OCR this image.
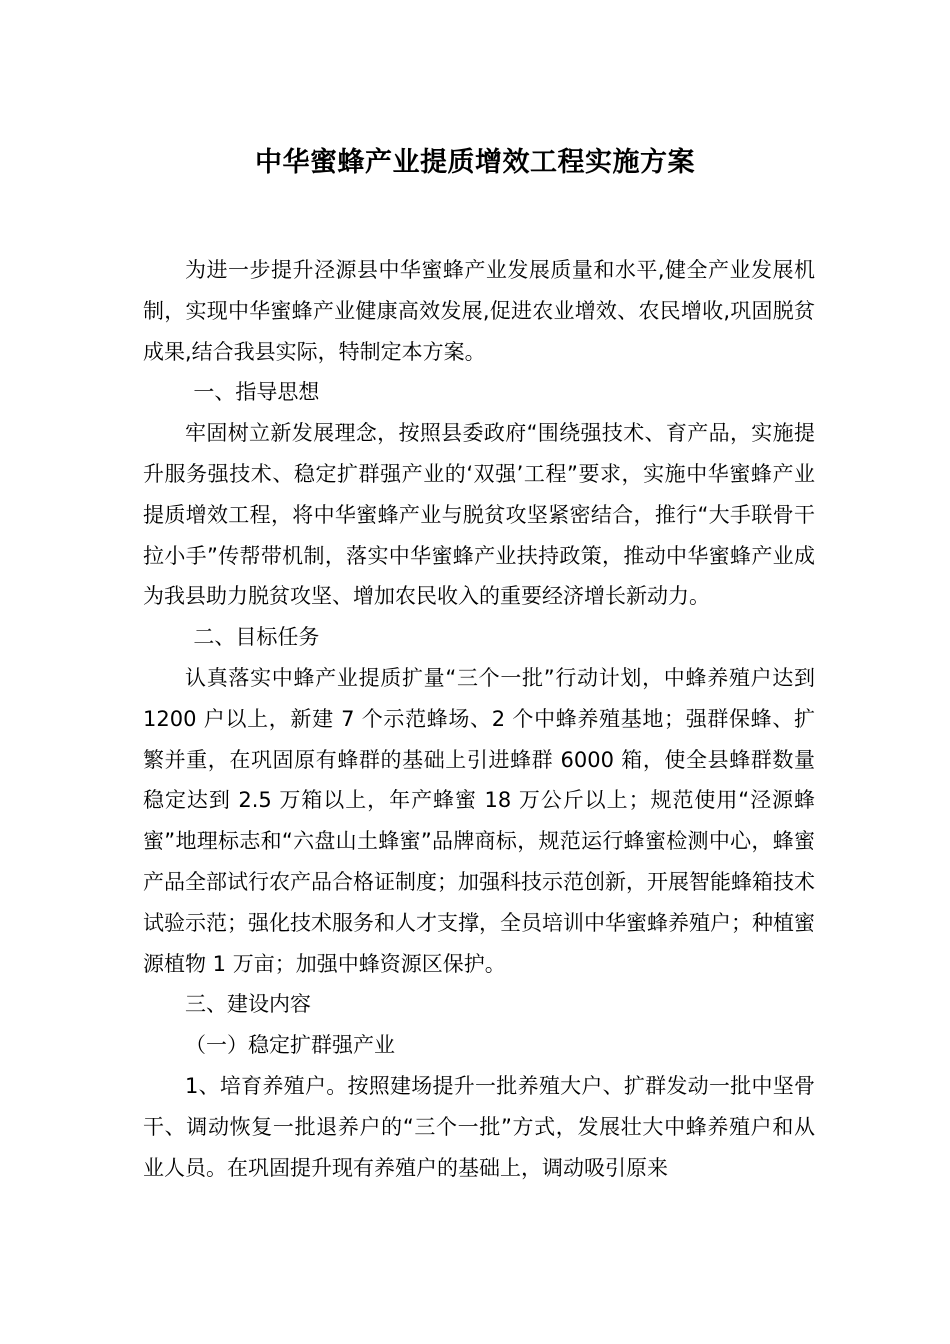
中华蜜蜂产业提质增效工程实施方案

为进一步提升泾源县中华蜜蜂产业发展质量和水平,健全产业发展机制，实现中华蜜蜂产业健康高效发展,促进农业增效、农民增收,巩固脱贫成果,结合我县实际，特制定本方案。

一、指导思想

牢固树立新发展理念，按照县委政府“围绕强技术、育产品，实施提升服务强技术、稳定扩群强产业的‘双强’工程”要求，实施中华蜜蜂产业提质增效工程，将中华蜜蜂产业与脱贫攻坚紧密结合，推行“大手联骨干拉小手”传帮带机制，落实中华蜜蜂产业扶持政策，推动中华蜜蜂产业成为我县助力脱贫攻坚、增加农民收入的重要经济增长新动力。

二、目标任务

认真落实中蜂产业提质扩量“三个一批”行动计划，中蜂养殖户达到 1200 户以上，新建 7 个示范蜂场、2 个中蜂养殖基地；强群保蜂、扩繁并重，在巩固原有蜂群的基础上引进蜂群 6000 箱，使全县蜂群数量稳定达到 2.5 万箱以上，年产蜂蜜 18 万公斤以上；规范使用“泾源蜂蜜”地理标志和“六盘山土蜂蜜”品牌商标，规范运行蜂蜜检测中心，蜂蜜产品全部试行农产品合格证制度；加强科技示范创新，开展智能蜂箱技术试验示范；强化技术服务和人才支撑，全员培训中华蜜蜂养殖户；种植蜜源植物 1 万亩；加强中蜂资源区保护。

三、建设内容

（一）稳定扩群强产业

1、培育养殖户。按照建场提升一批养殖大户、扩群发动一批中坚骨干、调动恢复一批退养户的“三个一批”方式，发展壮大中蜂养殖户和从业人员。在巩固提升现有养殖户的基础上，调动吸引原来
